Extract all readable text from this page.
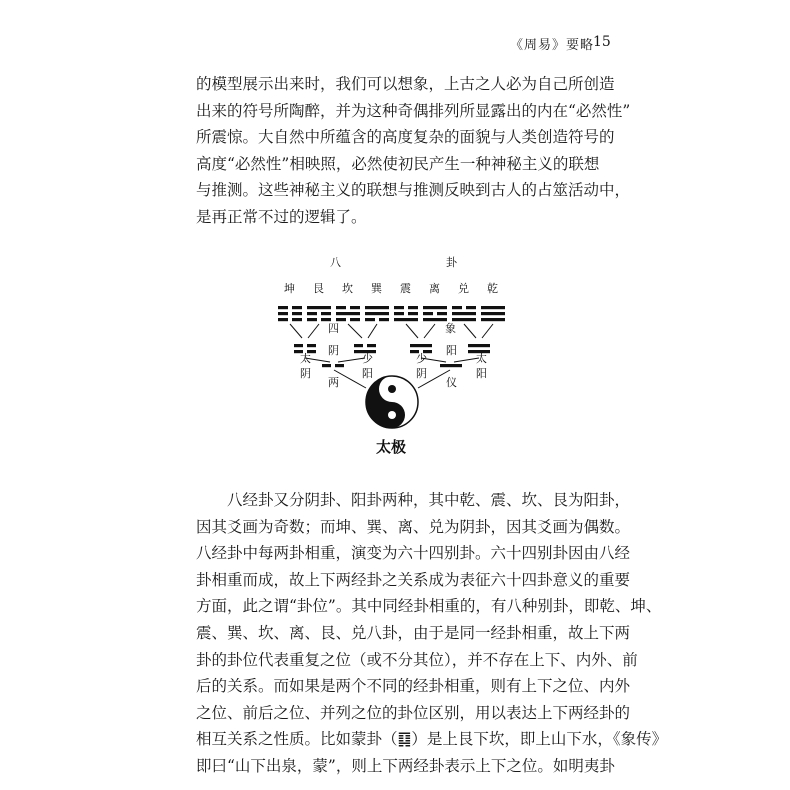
《周易》要略
15
的模型展示出来时，我们可以想象，上古之人必为自己所创造
出来的符号所陶醉，并为这种奇偶排列所显露出的内在“必然性”
所震惊。大自然中所蕴含的高度复杂的面貌与人类创造符号的
高度“必然性”相映照，必然使初民产生一种神秘主义的联想
与推测。这些神秘主义的联想与推测反映到古人的占筮活动中，
是再正常不过的逻辑了。
八	卦
坤 艮 坎 巽 震 离 兑 乾
四	象
太
阴
阴
少
阳
少
阴
阳
太
阳
两	仪
太极
　　八经卦又分阴卦、阳卦两种，其中乾、震、坎、艮为阳卦，
因其爻画为奇数；而坤、巽、离、兑为阴卦，因其爻画为偶数。
八经卦中每两卦相重，演变为六十四别卦。六十四别卦因由八经
卦相重而成，故上下两经卦之关系成为表征六十四卦意义的重要
方面，此之谓“卦位”。其中同经卦相重的，有八种别卦，即乾、坤、
震、巽、坎、离、艮、兑八卦，由于是同一经卦相重，故上下两
卦的卦位代表重复之位（或不分其位），并不存在上下、内外、前
后的关系。而如果是两个不同的经卦相重，则有上下之位、内外
之位、前后之位、并列之位的卦位区别，用以表达上下两经卦的
相互关系之性质。比如蒙卦（䷃）是上艮下坎，即上山下水，《象传》
即曰“山下出泉，蒙”，则上下两经卦表示上下之位。如明夷卦
